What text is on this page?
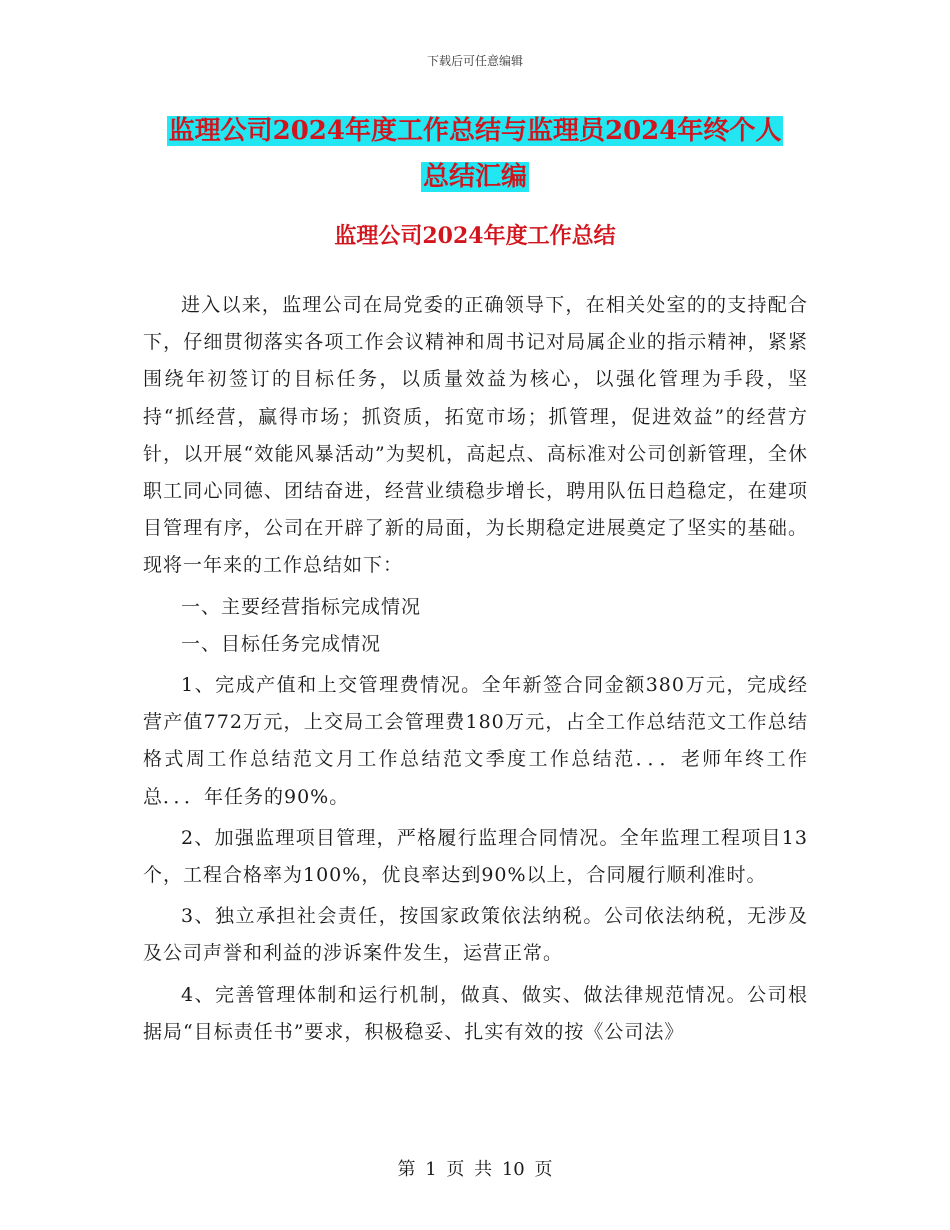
下载后可任意编辑
监理公司2024年度工作总结与监理员2024年终个人
总结汇编
监理公司2024年度工作总结

进入以来，监理公司在局党委的正确领导下，在相关处室的的支持配合下，仔细贯彻落实各项工作会议精神和周书记对局属企业的指示精神，紧紧围绕年初签订的目标任务，以质量效益为核心，以强化管理为手段，坚持“抓经营，赢得市场；抓资质，拓宽市场；抓管理，促进效益”的经营方针，以开展“效能风暴活动”为契机，高起点、高标准对公司创新管理，全休职工同心同德、团结奋进，经营业绩稳步增长，聘用队伍日趋稳定，在建项目管理有序，公司在开辟了新的局面，为长期稳定进展奠定了坚实的基础。现将一年来的工作总结如下：

一、主要经营指标完成情况

一、目标任务完成情况

1、完成产值和上交管理费情况。全年新签合同金额380万元，完成经营产值772万元，上交局工会管理费180万元，占全工作总结范文工作总结格式周工作总结范文月工作总结范文季度工作总结范．．．老师年终工作总．．．年任务的90%。

2、加强监理项目管理，严格履行监理合同情况。全年监理工程项目13个，工程合格率为100%，优良率达到90%以上，合同履行顺利准时。

3、独立承担社会责任，按国家政策依法纳税。公司依法纳税，无涉及及公司声誉和利益的涉诉案件发生，运营正常。

4、完善管理体制和运行机制，做真、做实、做法律规范情况。公司根据局“目标责任书”要求，积极稳妥、扎实有效的按《公司法》

第 1 页 共 10 页
